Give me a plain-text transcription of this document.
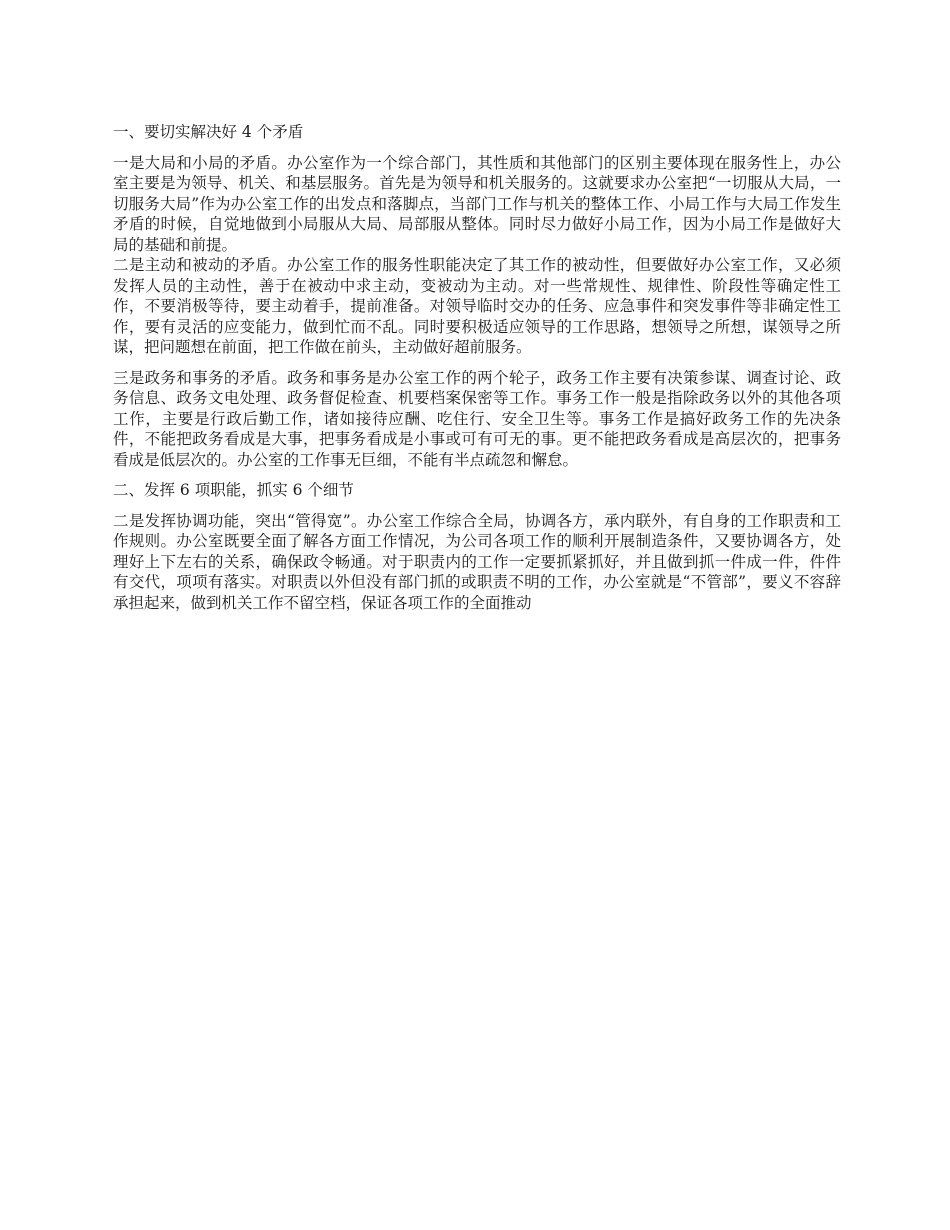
一、要切实解决好 4 个矛盾

一是大局和小局的矛盾。办公室作为一个综合部门，其性质和其他部门的区别主要体现在服务性上，办公室主要是为领导、机关、和基层服务。首先是为领导和机关服务的。这就要求办公室把“一切服从大局，一切服务大局”作为办公室工作的出发点和落脚点，当部门工作与机关的整体工作、小局工作与大局工作发生矛盾的时候，自觉地做到小局服从大局、局部服从整体。同时尽力做好小局工作，因为小局工作是做好大局的基础和前提。

二是主动和被动的矛盾。办公室工作的服务性职能决定了其工作的被动性，但要做好办公室工作，又必须发挥人员的主动性，善于在被动中求主动，变被动为主动。对一些常规性、规律性、阶段性等确定性工作，不要消极等待，要主动着手，提前准备。对领导临时交办的任务、应急事件和突发事件等非确定性工作，要有灵活的应变能力，做到忙而不乱。同时要积极适应领导的工作思路，想领导之所想，谋领导之所谋，把问题想在前面，把工作做在前头，主动做好超前服务。

三是政务和事务的矛盾。政务和事务是办公室工作的两个轮子，政务工作主要有决策参谋、调查讨论、政务信息、政务文电处理、政务督促检查、机要档案保密等工作。事务工作一般是指除政务以外的其他各项工作，主要是行政后勤工作，诸如接待应酬、吃住行、安全卫生等。事务工作是搞好政务工作的先决条件，不能把政务看成是大事，把事务看成是小事或可有可无的事。更不能把政务看成是高层次的，把事务看成是低层次的。办公室的工作事无巨细，不能有半点疏忽和懈怠。

二、发挥 6 项职能，抓实 6 个细节

二是发挥协调功能，突出“管得宽”。办公室工作综合全局，协调各方，承内联外，有自身的工作职责和工作规则。办公室既要全面了解各方面工作情况，为公司各项工作的顺利开展制造条件，又要协调各方，处理好上下左右的关系，确保政令畅通。对于职责内的工作一定要抓紧抓好，并且做到抓一件成一件，件件有交代，项项有落实。对职责以外但没有部门抓的或职责不明的工作，办公室就是“不管部”，要义不容辞承担起来，做到机关工作不留空档，保证各项工作的全面推动
